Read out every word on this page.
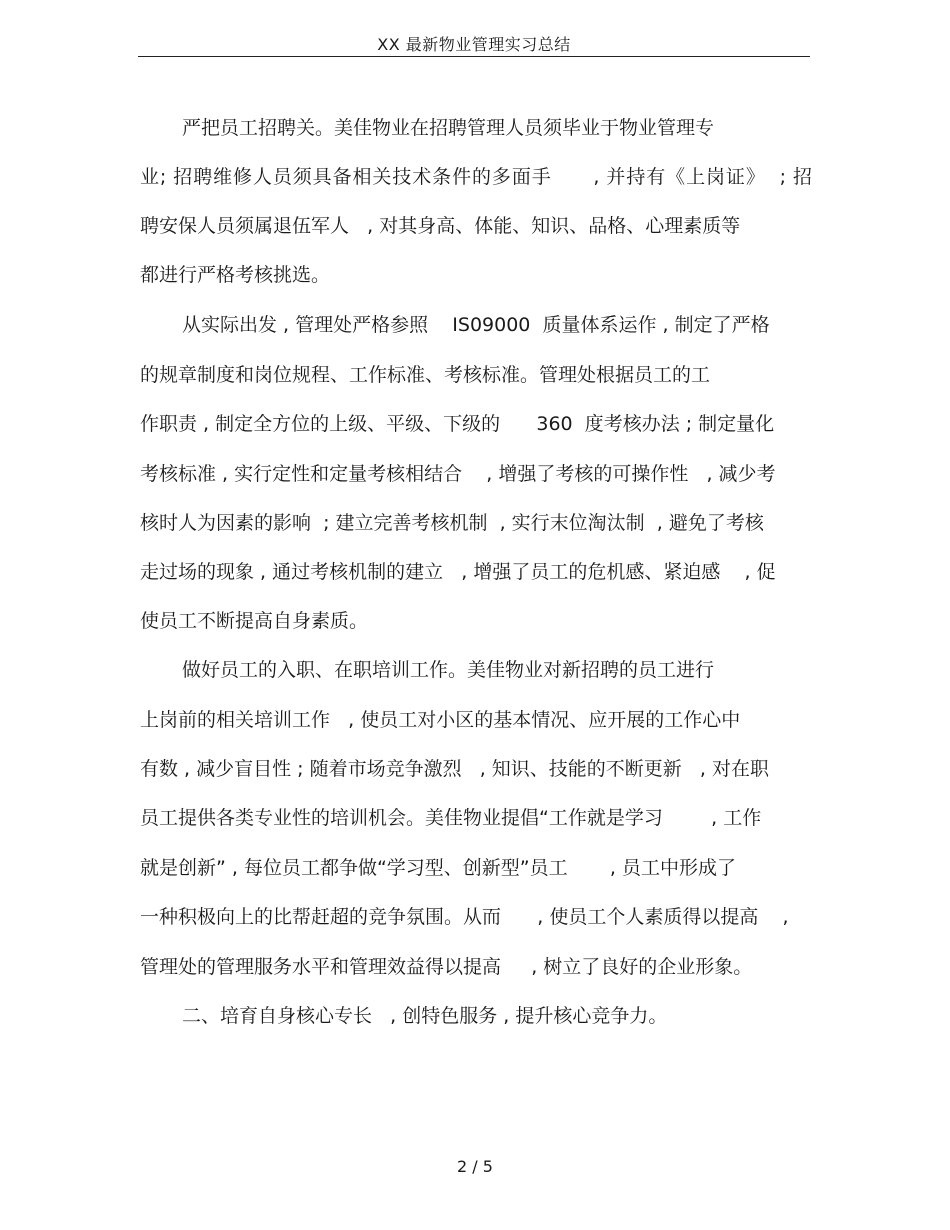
XX 最新物业管理实习总结
严把员工招聘关。美佳物业在招聘管理人员须毕业于物业管理专
业; 招聘维修人员须具备相关技术条件的多面手      , 并持有《上岗证》  ; 招
聘安保人员须属退伍军人   , 对其身高、体能、知识、品格、心理素质等
都进行严格考核挑选。
从实际出发 , 管理处严格参照    IS09000  质量体系运作 , 制定了严格
的规章制度和岗位规程、工作标准、考核标准。管理处根据员工的工
作职责 , 制定全方位的上级、平级、下级的      360  度考核办法 ; 制定量化
考核标准 , 实行定性和定量考核相结合    , 增强了考核的可操作性   , 减少考
核时人为因素的影响  ; 建立完善考核机制  , 实行末位淘汰制  , 避免了考核
走过场的现象 , 通过考核机制的建立   , 增强了员工的危机感、紧迫感    , 促
使员工不断提高自身素质。
做好员工的入职、在职培训工作。美佳物业对新招聘的员工进行
上岗前的相关培训工作   , 使员工对小区的基本情况、应开展的工作心中
有数 , 减少盲目性 ; 随着市场竞争激烈   , 知识、技能的不断更新   , 对在职
员工提供各类专业性的培训机会。美佳物业提倡“工作就是学习        , 工作
就是创新” , 每位员工都争做“学习型、创新型”员工       , 员工中形成了
一种积极向上的比帮赶超的竞争氛围。从而      , 使员工个人素质得以提高    ,
管理处的管理服务水平和管理效益得以提高     , 树立了良好的企业形象。
二、培育自身核心专长   , 创特色服务 , 提升核心竞争力。
2 / 5
